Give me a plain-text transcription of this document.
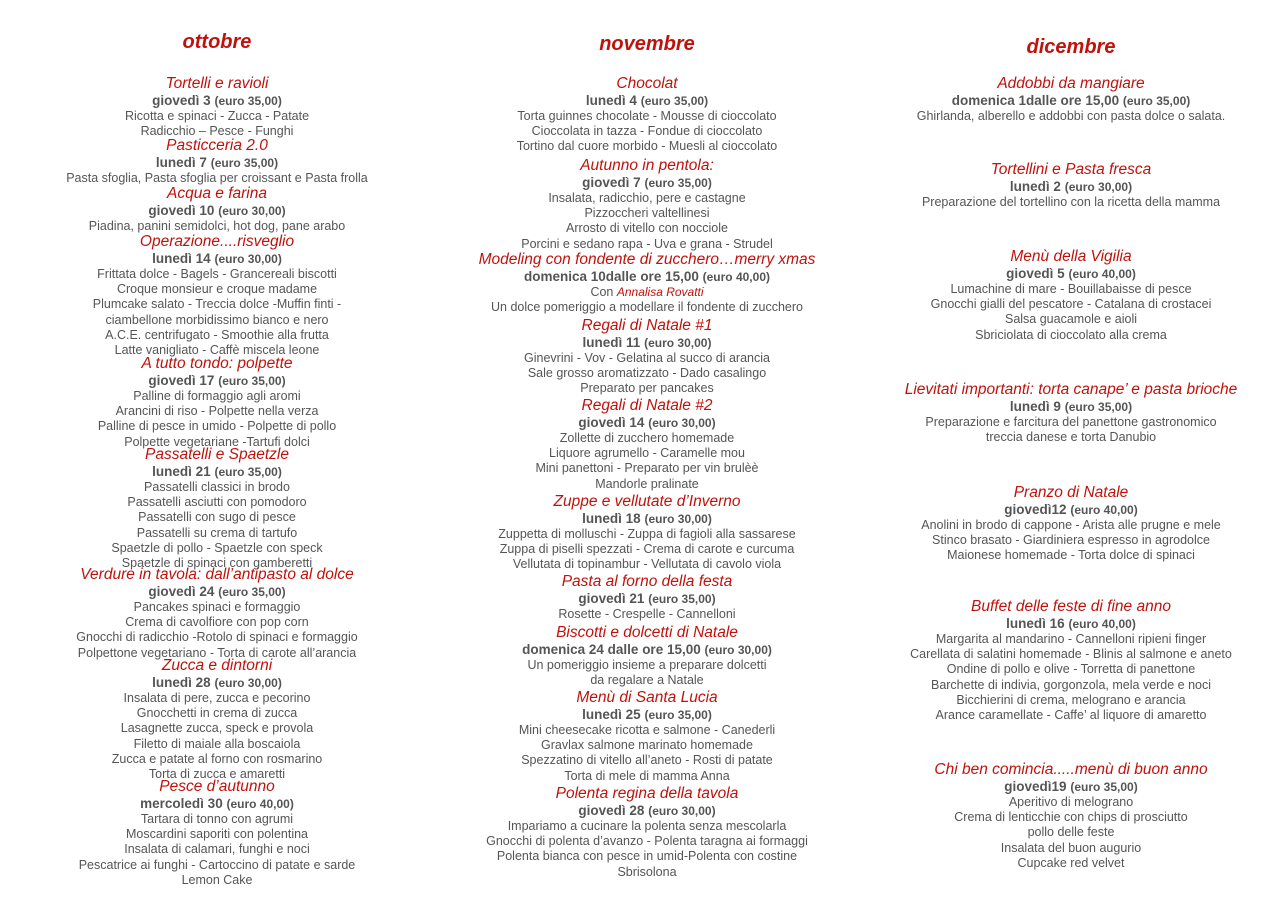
ottobre
Tortelli e ravioli
giovedì 3 (euro 35,00)
Ricotta e spinaci - Zucca - Patate
Radicchio – Pesce - Funghi
Pasticceria 2.0
lunedì 7 (euro 35,00)
Pasta sfoglia, Pasta sfoglia per croissant e Pasta frolla
Acqua e farina
giovedì 10 (euro 30,00)
Piadina, panini semidolci, hot dog, pane arabo
Operazione....risveglio
lunedì 14 (euro 30,00)
Frittata dolce - Bagels - Grancereali biscotti
Croque monsieur e croque madame
Plumcake salato - Treccia dolce -Muffin finti -
ciambellone morbidissimo bianco e nero
A.C.E. centrifugato - Smoothie alla frutta
Latte vanigliato - Caffè miscela leone
A tutto tondo: polpette
giovedì 17 (euro 35,00)
Palline di formaggio agli aromi
Arancini di riso - Polpette nella verza
Palline di pesce in umido - Polpette di pollo
Polpette vegetariane -Tartufi dolci
Passatelli e Spaetzle
lunedì 21 (euro 35,00)
Passatelli classici in brodo
Passatelli asciutti con pomodoro
Passatelli con sugo di pesce
Passatelli su crema di tartufo
Spaetzle di pollo - Spaetzle con speck
Spaetzle di spinaci con gamberetti
Verdure in tavola: dall’antipasto al dolce
giovedì 24 (euro 35,00)
Pancakes spinaci e formaggio
Crema di cavolfiore con pop corn
Gnocchi di radicchio -Rotolo di spinaci e formaggio
Polpettone vegetariano - Torta di carote all’arancia
Zucca e dintorni
lunedì 28 (euro 30,00)
Insalata di pere, zucca e pecorino
Gnocchetti in crema di zucca
Lasagnette zucca, speck e provola
Filetto di maiale alla boscaiola
Zucca e patate al forno con rosmarino
Torta di zucca e amaretti
Pesce d’autunno
mercoledì 30 (euro 40,00)
Tartara di tonno con agrumi
Moscardini saporiti con polentina
Insalata di calamari, funghi e noci
Pescatrice ai funghi - Cartoccino di patate e sarde
Lemon Cake
novembre
Chocolat
lunedì 4 (euro 35,00)
Torta guinnes chocolate - Mousse di cioccolato
Cioccolata in tazza - Fondue di cioccolato
Tortino dal cuore morbido - Muesli al cioccolato
Autunno in pentola:
giovedì 7 (euro 35,00)
Insalata, radicchio, pere e castagne
Pizzoccheri valtellinesi
Arrosto di vitello con nocciole
Porcini e sedano rapa - Uva e grana - Strudel
Modeling con fondente di zucchero…merry xmas
domenica 10dalle ore 15,00 (euro 40,00)
Con Annalisa Rovatti
Un dolce pomeriggio a modellare il fondente di zucchero
Regali di Natale #1
lunedì 11 (euro 30,00)
Ginevrini - Vov - Gelatina al succo di arancia
Sale grosso aromatizzato - Dado casalingo
Preparato per pancakes
Regali di Natale #2
giovedì 14 (euro 30,00)
Zollette di zucchero homemade
Liquore agrumello - Caramelle mou
Mini panettoni - Preparato per vin brulèè
Mandorle pralinate
Zuppe e vellutate d’Inverno
lunedì 18 (euro 30,00)
Zuppetta di molluschi - Zuppa di fagioli alla sassarese
Zuppa di piselli spezzati - Crema di carote e curcuma
Vellutata di topinambur - Vellutata di cavolo viola
Pasta al forno della festa
giovedì 21 (euro 35,00)
Rosette - Crespelle - Cannelloni
Biscotti e dolcetti di Natale
domenica 24 dalle ore 15,00 (euro 30,00)
Un pomeriggio insieme a preparare dolcetti
da regalare a Natale
Menù di Santa Lucia
lunedì 25 (euro 35,00)
Mini cheesecake ricotta e salmone - Canederli
Gravlax salmone marinato homemade
Spezzatino di vitello all’aneto - Rosti di patate
Torta di mele di mamma Anna
Polenta regina della tavola
giovedì 28 (euro 30,00)
Impariamo a cucinare la polenta senza mescolarla
Gnocchi di polenta d’avanzo - Polenta taragna ai formaggi
Polenta bianca con pesce in umid-Polenta con costine
Sbrisolona
dicembre
Addobbi da mangiare
domenica 1dalle ore 15,00 (euro 35,00)
Ghirlanda, alberello e addobbi con pasta dolce o salata.
Tortellini e Pasta fresca
lunedì 2 (euro 30,00)
Preparazione del tortellino con la ricetta della mamma
Menù della Vigilia
giovedì 5 (euro 40,00)
Lumachine di mare - Bouillabaisse di pesce
Gnocchi gialli del pescatore - Catalana di crostacei
Salsa guacamole e aioli
Sbriciolata di cioccolato alla crema
Lievitati importanti: torta canape’ e pasta brioche
lunedì 9 (euro 35,00)
Preparazione e farcitura del panettone gastronomico
treccia danese e torta Danubio
Pranzo di Natale
giovedì12 (euro 40,00)
Anolini in brodo di cappone - Arista alle prugne e mele
Stinco brasato - Giardiniera espresso in agrodolce
Maionese homemade - Torta dolce di spinaci
Buffet delle feste di fine anno
lunedì 16 (euro 40,00)
Margarita al mandarino - Cannelloni ripieni finger
Carellata di salatini homemade - Blinis al salmone e aneto
Ondine di pollo e olive - Torretta di panettone
Barchette di indivia, gorgonzola, mela verde e noci
Bicchierini di crema, melograno e arancia
Arance caramellate - Caffe’ al liquore di amaretto
Chi ben comincia.....menù di buon anno
giovedì19 (euro 35,00)
Aperitivo di melograno
Crema di lenticchie con chips di prosciutto
pollo delle feste
Insalata del buon augurio
Cupcake red velvet
